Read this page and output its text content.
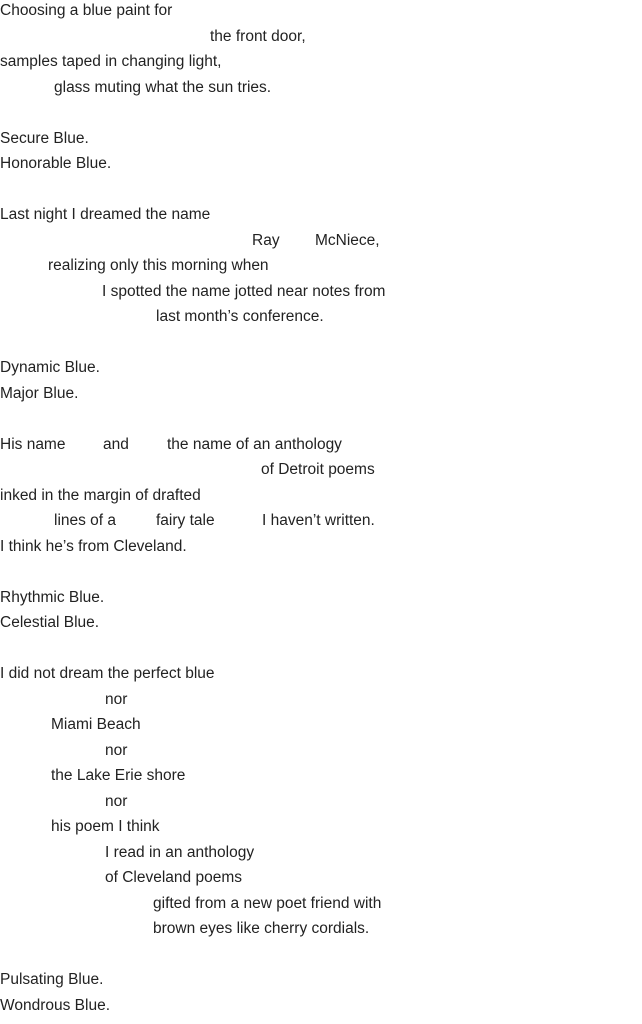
Choosing a blue paint for
the front door,
samples taped in changing light,
glass muting what the sun tries.
Secure Blue.
Honorable Blue.
Last night I dreamed the name
Ray McNiece,
realizing only this morning when
I spotted the name jotted near notes from
last month’s conference.
Dynamic Blue.
Major Blue.
His name and the name of an anthology
of Detroit poems
inked in the margin of drafted
lines of a	fairy tale	I haven’t written.
I think he’s from Cleveland.
Rhythmic Blue.
Celestial Blue.
I did not dream the perfect blue
nor
Miami Beach
nor
the Lake Erie shore
nor
his poem I think
I read in an anthology
of Cleveland poems
gifted from a new poet friend with
brown eyes like cherry cordials.
Pulsating Blue.
Wondrous Blue.
